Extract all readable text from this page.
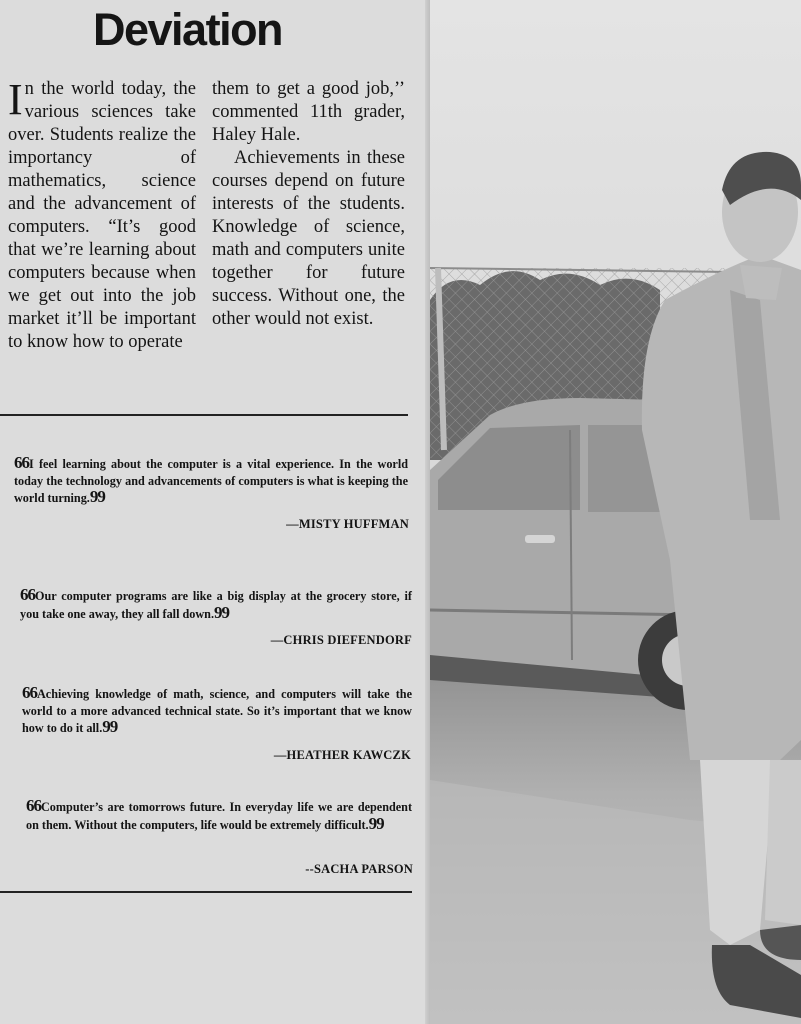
Deviation
In the world today, the various sciences take over. Students realize the importancy of mathematics, science and the advancement of computers. “It’s good that we’re learning about computers because when we get out into the job market it’ll be important to know how to operate

them to get a good job,’’ commented 11th grader, Haley Hale.

Achievements in these courses depend on future interests of the students. Knowledge of science, math and computers unite together for future success. Without one, the other would not exist.

66I feel learning about the computer is a vital experience. In the world today the technology and advancements of computers is what is keeping the world turning.99

—MISTY HUFFMAN

66Our computer programs are like a big display at the grocery store, if you take one away, they all fall down.99

—CHRIS DIEFENDORF

66Achieving knowledge of math, science, and computers will take the world to a more advanced technical state. So it’s important that we know how to do it all.99

—HEATHER KAWCZK

66Computer’s are tomorrows future. In everyday life we are dependent on them. Without the computers, life would be extremely difficult.99

--SACHA PARSON
